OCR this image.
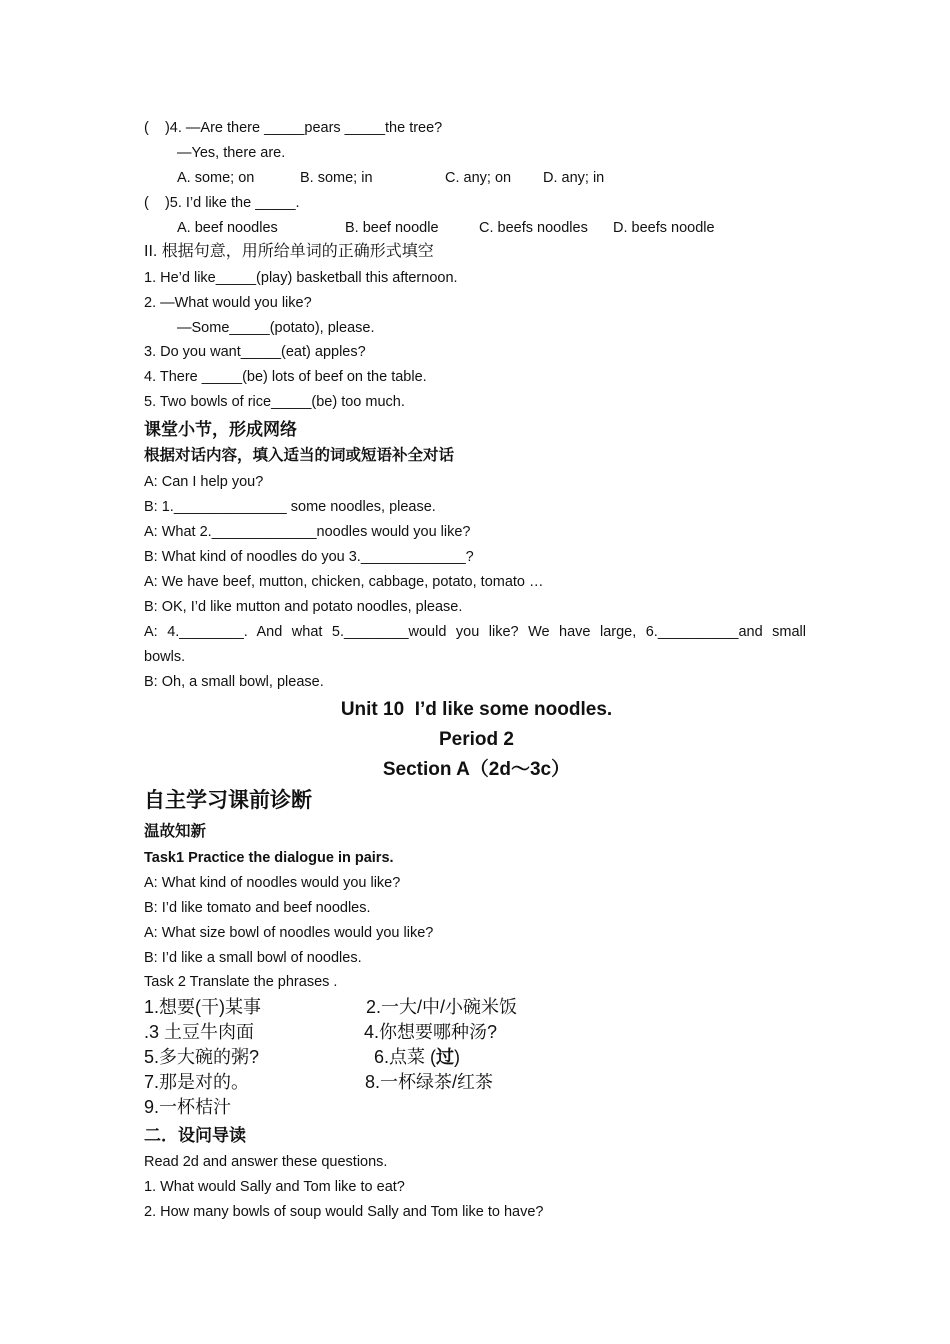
(    )4. —Are there _____pears _____the tree?
—Yes, there are.
A. some; on	B. some; in	C. any; on D. any; in
(    )5. I’d like the _____.
A. beef noodles	B. beef noodle	C. beefs noodles D. beefs noodle
II. 根据句意，用所给单词的正确形式填空
1. He’d like_____(play) basketball this afternoon.
2. —What would you like?
—Some_____(potato), please.
3. Do you want_____(eat) apples?
4. There _____(be) lots of beef on the table.
5. Two bowls of rice_____(be) too much.
课堂小节，形成网络
根据对话内容，填入适当的词或短语补全对话
A: Can I help you?
B: 1.______________ some noodles, please.
A: What 2._____________noodles would you like?
B: What kind of noodles do you 3._____________?
A: We have beef, mutton, chicken, cabbage, potato, tomato …
B: OK, I’d like mutton and potato noodles, please.
A: 4.________. And what 5.________would you like? We have large, 6.__________and small
bowls.
B: Oh, a small bowl, please.
Unit 10  I’d like some noodles.
Period 2
Section A（2d～3c）
自主学习课前诊断
温故知新
Task1 Practice the dialogue in pairs.
A: What kind of noodles would you like?
B: I’d like tomato and beef noodles.
A: What size bowl of noodles would you like?
B: I’d like a small bowl of noodles.
Task 2 Translate the phrases .
1.想要(干)某事	2.一大/中/小碗米饭
.3 土豆牛肉面	4.你想要哪种汤?
5.多大碗的粥?	6.点菜 (过)
7.那是对的。	8.一杯绿茶/红茶
9.一杯桔汁
二．设问导读
Read 2d and answer these questions.
1. What would Sally and Tom like to eat?
2. How many bowls of soup would Sally and Tom like to have?
